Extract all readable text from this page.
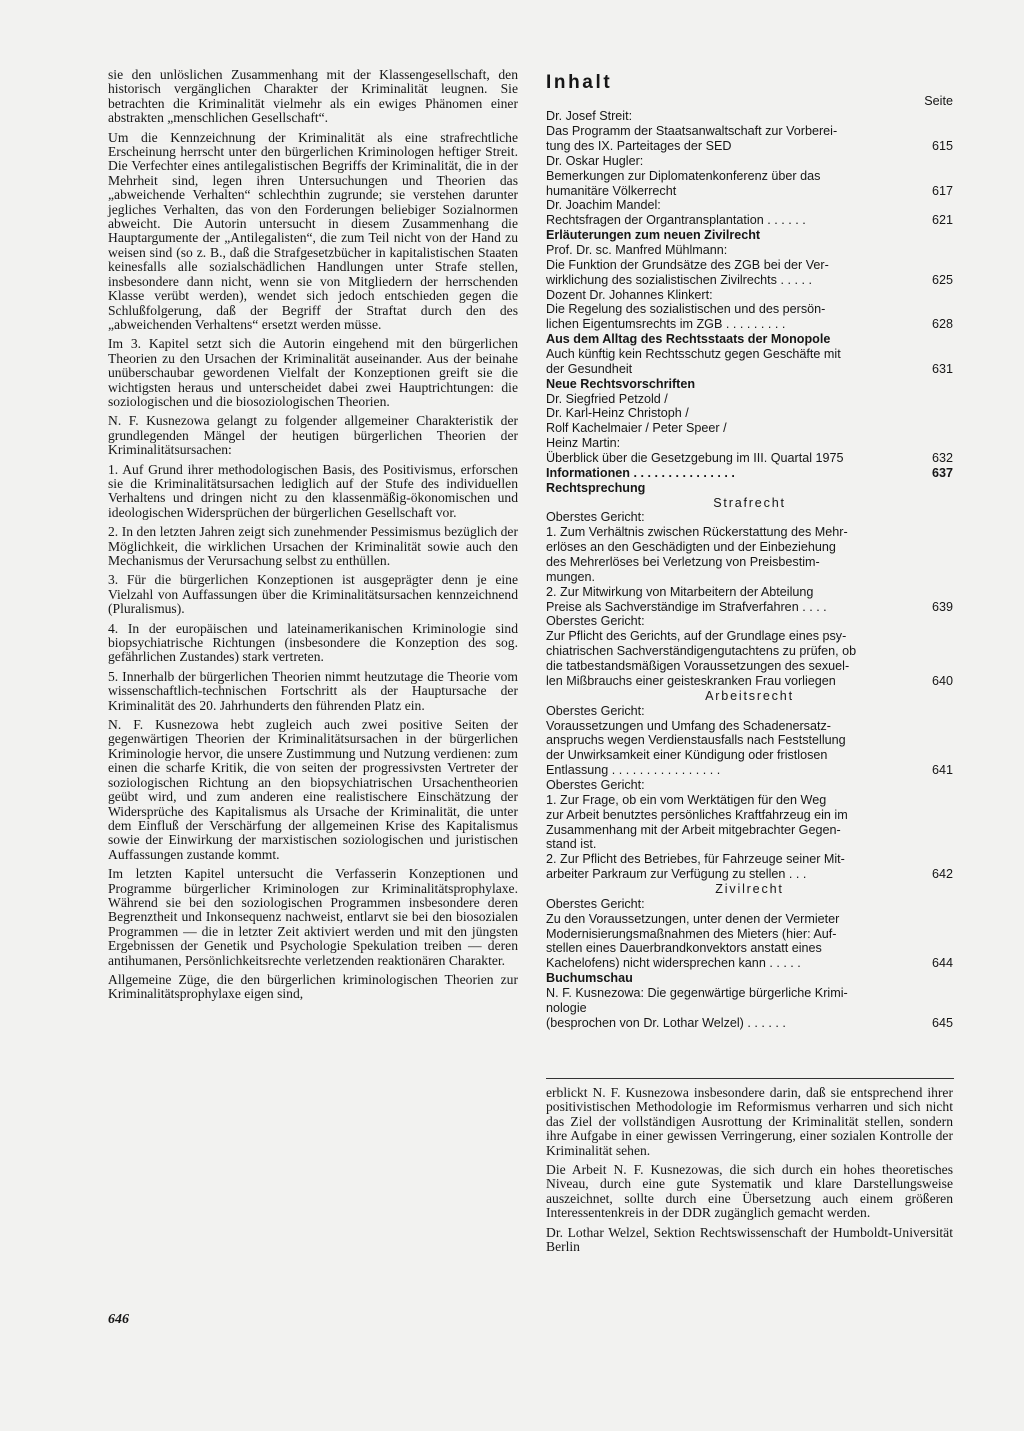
sie den unlöslichen Zusammenhang mit der Klassengesellschaft, den historisch vergänglichen Charakter der Kriminalität leugnen. Sie betrachten die Kriminalität vielmehr als ein ewiges Phänomen einer abstrakten „menschlichen Gesellschaft“.

Um die Kennzeichnung der Kriminalität als eine strafrechtliche Erscheinung herrscht unter den bürgerlichen Kriminologen heftiger Streit. Die Verfechter eines antilegalistischen Begriffs der Kriminalität, die in der Mehrheit sind, legen ihren Untersuchungen und Theorien das „abweichende Verhalten“ schlechthin zugrunde; sie verstehen darunter jegliches Verhalten, das von den Forderungen beliebiger Sozialnormen abweicht. Die Autorin untersucht in diesem Zusammenhang die Hauptargumente der „Antilegalisten“, die zum Teil nicht von der Hand zu weisen sind (so z. B., daß die Strafgesetzbücher in kapitalistischen Staaten keinesfalls alle sozialschädlichen Handlungen unter Strafe stellen, insbesondere dann nicht, wenn sie von Mitgliedern der herrschenden Klasse verübt werden), wendet sich jedoch entschieden gegen die Schlußfolgerung, daß der Begriff der Straftat durch den des „abweichenden Verhaltens“ ersetzt werden müsse.

Im 3. Kapitel setzt sich die Autorin eingehend mit den bürgerlichen Theorien zu den Ursachen der Kriminalität auseinander. Aus der beinahe unüberschaubar gewordenen Vielfalt der Konzeptionen greift sie die wichtigsten heraus und unterscheidet dabei zwei Hauptrichtungen: die soziologischen und die biosoziologischen Theorien.

N. F. Kusnezowa gelangt zu folgender allgemeiner Charakteristik der grundlegenden Mängel der heutigen bürgerlichen Theorien der Kriminalitätsursachen:

1. Auf Grund ihrer methodologischen Basis, des Positivismus, erforschen sie die Kriminalitätsursachen lediglich auf der Stufe des individuellen Verhaltens und dringen nicht zu den klassenmäßig-ökonomischen und ideologischen Widersprüchen der bürgerlichen Gesellschaft vor.

2. In den letzten Jahren zeigt sich zunehmender Pessimismus bezüglich der Möglichkeit, die wirklichen Ursachen der Kriminalität sowie auch den Mechanismus der Verursachung selbst zu enthüllen.

3. Für die bürgerlichen Konzeptionen ist ausgeprägter denn je eine Vielzahl von Auffassungen über die Kriminalitätsursachen kennzeichnend (Pluralismus).

4. In der europäischen und lateinamerikanischen Kriminologie sind biopsychiatrische Richtungen (insbesondere die Konzeption des sog. gefährlichen Zustandes) stark vertreten.

5. Innerhalb der bürgerlichen Theorien nimmt heutzutage die Theorie vom wissenschaftlich-technischen Fortschritt als der Hauptursache der Kriminalität des 20. Jahrhunderts den führenden Platz ein.

N. F. Kusnezowa hebt zugleich auch zwei positive Seiten der gegenwärtigen Theorien der Kriminalitätsursachen in der bürgerlichen Kriminologie hervor, die unsere Zustimmung und Nutzung verdienen: zum einen die scharfe Kritik, die von seiten der progressivsten Vertreter der soziologischen Richtung an den biopsychiatrischen Ursachentheorien geübt wird, und zum anderen eine realistischere Einschätzung der Widersprüche des Kapitalismus als Ursache der Kriminalität, die unter dem Einfluß der Verschärfung der allgemeinen Krise des Kapitalismus sowie der Einwirkung der marxistischen soziologischen und juristischen Auffassungen zustande kommt.

Im letzten Kapitel untersucht die Verfasserin Konzeptionen und Programme bürgerlicher Kriminologen zur Kriminalitätsprophylaxe. Während sie bei den soziologischen Programmen insbesondere deren Begrenztheit und Inkonsequenz nachweist, entlarvt sie bei den biosozialen Programmen — die in letzter Zeit aktiviert werden und mit den jüngsten Ergebnissen der Genetik und Psychologie Spekulation treiben — deren antihumanen, Persönlichkeitsrechte verletzenden reaktionären Charakter.

Allgemeine Züge, die den bürgerlichen kriminologischen Theorien zur Kriminalitätsprophylaxe eigen sind,

646
Inhalt
Seite
Dr. Josef Streit:
Das Programm der Staatsanwaltschaft zur Vorberei-
tung des IX. Parteitages der SED	615
Dr. Oskar Hugler:
Bemerkungen zur Diplomatenkonferenz über das
humanitäre Völkerrecht	617
Dr. Joachim Mandel:
Rechtsfragen der Organtransplantation . . . . . .	621
Erläuterungen zum neuen Zivilrecht
Prof. Dr. sc. Manfred Mühlmann:
Die Funktion der Grundsätze des ZGB bei der Ver-
wirklichung des sozialistischen Zivilrechts . . . . .	625
Dozent Dr. Johannes Klinkert:
Die Regelung des sozialistischen und des persön-
lichen Eigentumsrechts im ZGB . . . . . . . . .	628
Aus dem Alltag des Rechtsstaats der Monopole
Auch künftig kein Rechtsschutz gegen Geschäfte mit
der Gesundheit	631
Neue Rechtsvorschriften
Dr. Siegfried Petzold /
Dr. Karl-Heinz Christoph /
Rolf Kachelmaier / Peter Speer /
Heinz Martin:
Überblick über die Gesetzgebung im III. Quartal 1975	632
Informationen . . . . . . . . . . . . . . .	637
Rechtsprechung
Strafrecht
Oberstes Gericht:
1. Zum Verhältnis zwischen Rückerstattung des Mehr-
erlöses an den Geschädigten und der Einbeziehung
des Mehrerlöses bei Verletzung von Preisbestim-
mungen.
2. Zur Mitwirkung von Mitarbeitern der Abteilung
Preise als Sachverständige im Strafverfahren . . . .	639
Oberstes Gericht:
Zur Pflicht des Gerichts, auf der Grundlage eines psy-
chiatrischen Sachverständigengutachtens zu prüfen, ob
die tatbestandsmäßigen Voraussetzungen des sexuel-
len Mißbrauchs einer geisteskranken Frau vorliegen	640
Arbeitsrecht
Oberstes Gericht:
Voraussetzungen und Umfang des Schadenersatz-
anspruchs wegen Verdienstausfalls nach Feststellung
der Unwirksamkeit einer Kündigung oder fristlosen
Entlassung . . . . . . . . . . . . . . . .	641
Oberstes Gericht:
1. Zur Frage, ob ein vom Werktätigen für den Weg
zur Arbeit benutztes persönliches Kraftfahrzeug ein im
Zusammenhang mit der Arbeit mitgebrachter Gegen-
stand ist.
2. Zur Pflicht des Betriebes, für Fahrzeuge seiner Mit-
arbeiter Parkraum zur Verfügung zu stellen . . .	642
Zivilrecht
Oberstes Gericht:
Zu den Voraussetzungen, unter denen der Vermieter
Modernisierungsmaßnahmen des Mieters (hier: Auf-
stellen eines Dauerbrandkonvektors anstatt eines
Kachelofens) nicht widersprechen kann . . . . .	644
Buchumschau
N. F. Kusnezowa: Die gegenwärtige bürgerliche Krimi-
nologie
(besprochen von Dr. Lothar Welzel) . . . . . .	645

erblickt N. F. Kusnezowa insbesondere darin, daß sie entsprechend ihrer positivistischen Methodologie im Reformismus verharren und sich nicht das Ziel der vollständigen Ausrottung der Kriminalität stellen, sondern ihre Aufgabe in einer gewissen Verringerung, einer sozialen Kontrolle der Kriminalität sehen.

Die Arbeit N. F. Kusnezowas, die sich durch ein hohes theoretisches Niveau, durch eine gute Systematik und klare Darstellungsweise auszeichnet, sollte durch eine Übersetzung auch einem größeren Interessentenkreis in der DDR zugänglich gemacht werden.

Dr. Lothar Welzel, Sektion Rechtswissenschaft der Humboldt-Universität Berlin
